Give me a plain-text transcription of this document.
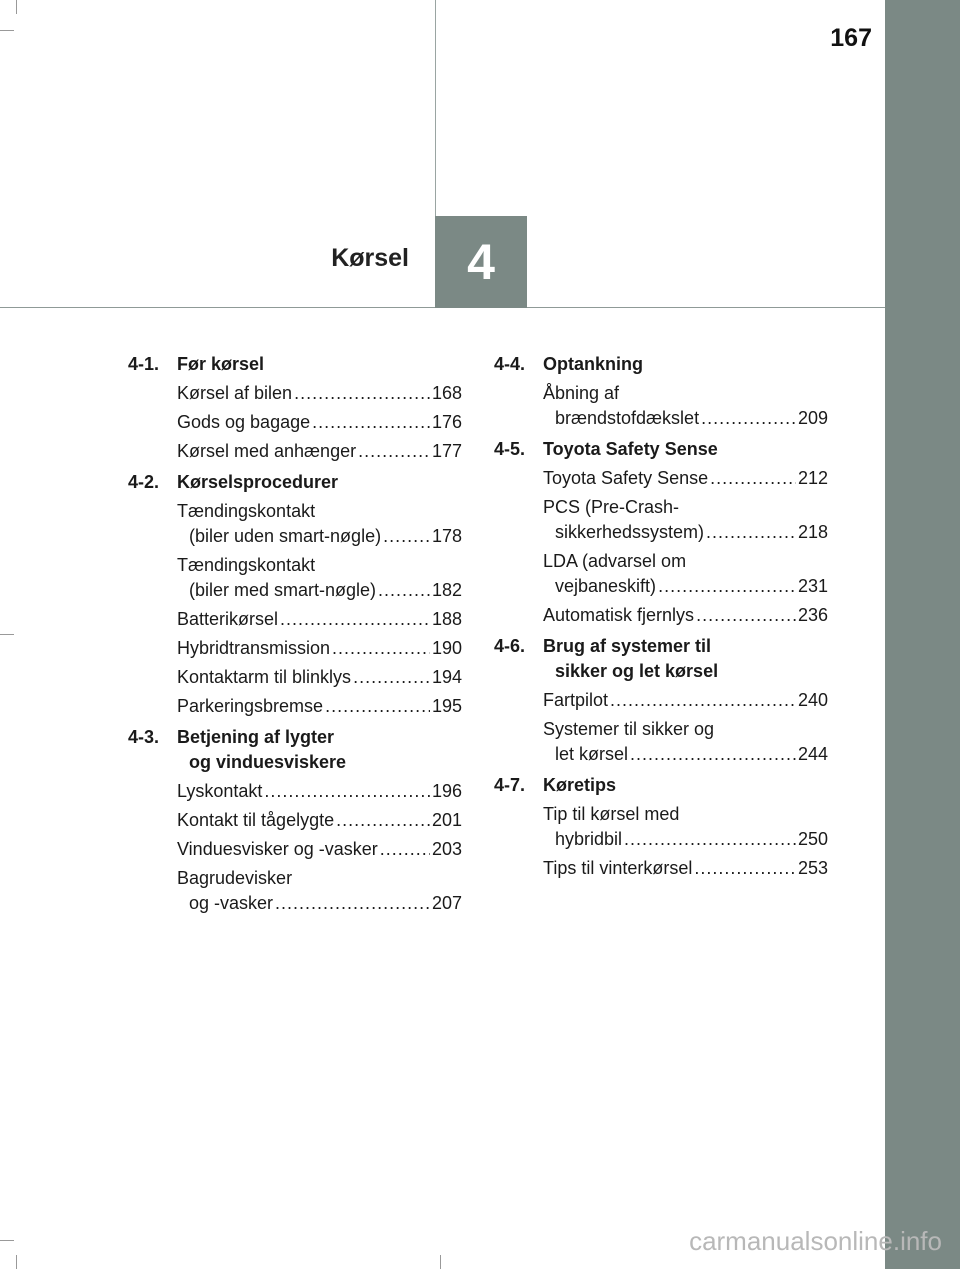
167
4
Kørsel
4-1. Før kørsel
Kørsel af bilen .....	168
Gods og bagage .....	176
Kørsel med anhænger .....	177
4-2. Kørselsprocedurer
Tændingskontakt
(biler uden smart-nøgle) .....	178
Tændingskontakt
(biler med smart-nøgle) .....	182
Batterikørsel .....	188
Hybridtransmission .....	190
Kontaktarm til blinklys .....	194
Parkeringsbremse .....	195
4-3. Betjening af lygter
og vinduesviskere
Lyskontakt .....	196
Kontakt til tågelygte .....	201
Vinduesvisker og -vasker .....	203
Bagrudevisker
og -vasker .....	207
4-4. Optankning
Åbning af
brændstofdækslet .....	209
4-5. Toyota Safety Sense
Toyota Safety Sense .....	212
PCS (Pre-Crash-
sikkerhedssystem) .....	218
LDA (advarsel om
vejbaneskift) .....	231
Automatisk fjernlys .....	236
4-6. Brug af systemer til
sikker og let kørsel
Fartpilot .....	240
Systemer til sikker og
let kørsel .....	244
4-7. Køretips
Tip til kørsel med
hybridbil .....	250
Tips til vinterkørsel .....	253
carmanualsonline.info
